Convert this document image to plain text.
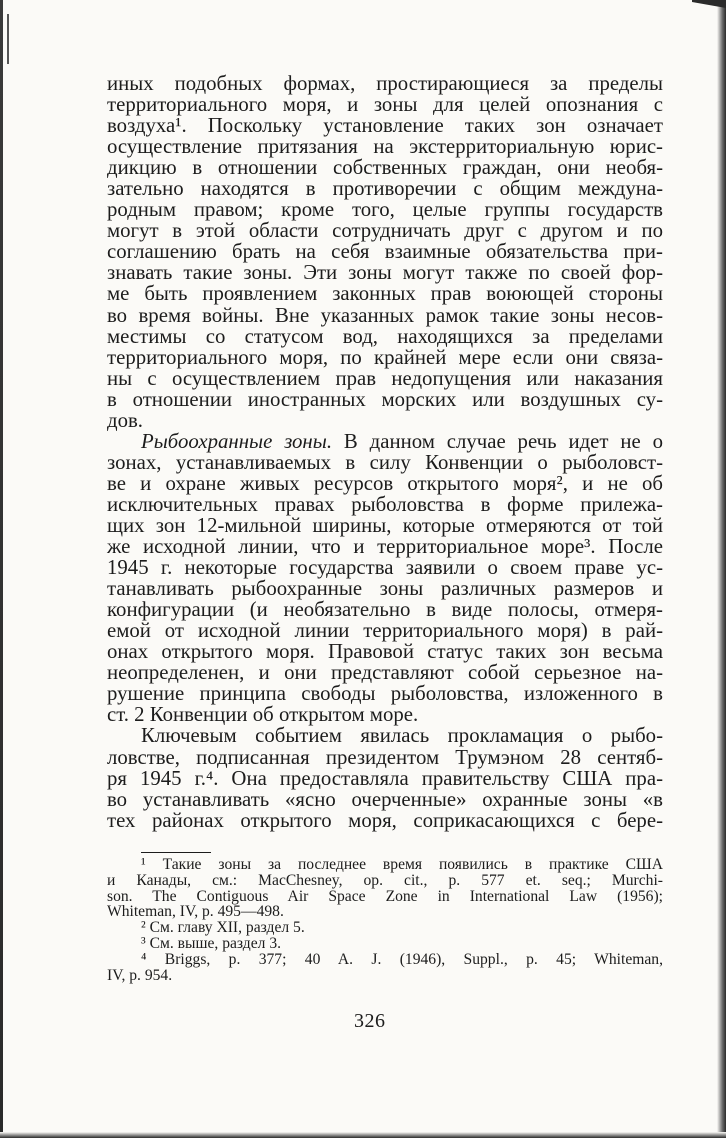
иных подобных формах, простирающиеся за пределы
территориального моря, и зоны для целей опознания с
воздуха¹. Поскольку установление таких зон означает
осуществление притязания на экстерриториальную юрис-
дикцию в отношении собственных граждан, они необя-
зательно находятся в противоречии с общим междуна-
родным правом; кроме того, целые группы государств
могут в этой области сотрудничать друг с другом и по
соглашению брать на себя взаимные обязательства при-
знавать такие зоны. Эти зоны могут также по своей фор-
ме быть проявлением законных прав воюющей стороны
во время войны. Вне указанных рамок такие зоны несов-
местимы со статусом вод, находящихся за пределами
территориального моря, по крайней мере если они связа-
ны с осуществлением прав недопущения или наказания
в отношении иностранных морских или воздушных су-
дов.
Рыбоохранные зоны. В данном случае речь идет не о
зонах, устанавливаемых в силу Конвенции о рыболовст-
ве и охране живых ресурсов открытого моря², и не об
исключительных правах рыболовства в форме прилежа-
щих зон 12-мильной ширины, которые отмеряются от той
же исходной линии, что и территориальное море³. После
1945 г. некоторые государства заявили о своем праве ус-
танавливать рыбоохранные зоны различных размеров и
конфигурации (и необязательно в виде полосы, отмеря-
емой от исходной линии территориального моря) в рай-
онах открытого моря. Правовой статус таких зон весьма
неопределенен, и они представляют собой серьезное на-
рушение принципа свободы рыболовства, изложенного в
ст. 2 Конвенции об открытом море.
Ключевым событием явилась прокламация о рыбо-
ловстве, подписанная президентом Трумэном 28 сентяб-
ря 1945 г.⁴. Она предоставляла правительству США пра-
во устанавливать «ясно очерченные» охранные зоны «в
тех районах открытого моря, соприкасающихся с бере-
¹ Такие зоны за последнее время появились в практике США
и Канады, см.: MacChesney, op. cit., p. 577 et. seq.; Murchi-
son. The Contiguous Air Space Zone in International Law (1956);
Whiteman, IV, p. 495—498.
² См. главу XII, раздел 5.
³ См. выше, раздел 3.
⁴ Briggs, p. 377; 40 A. J. (1946), Suppl., p. 45; Whiteman,
IV, p. 954.
326
